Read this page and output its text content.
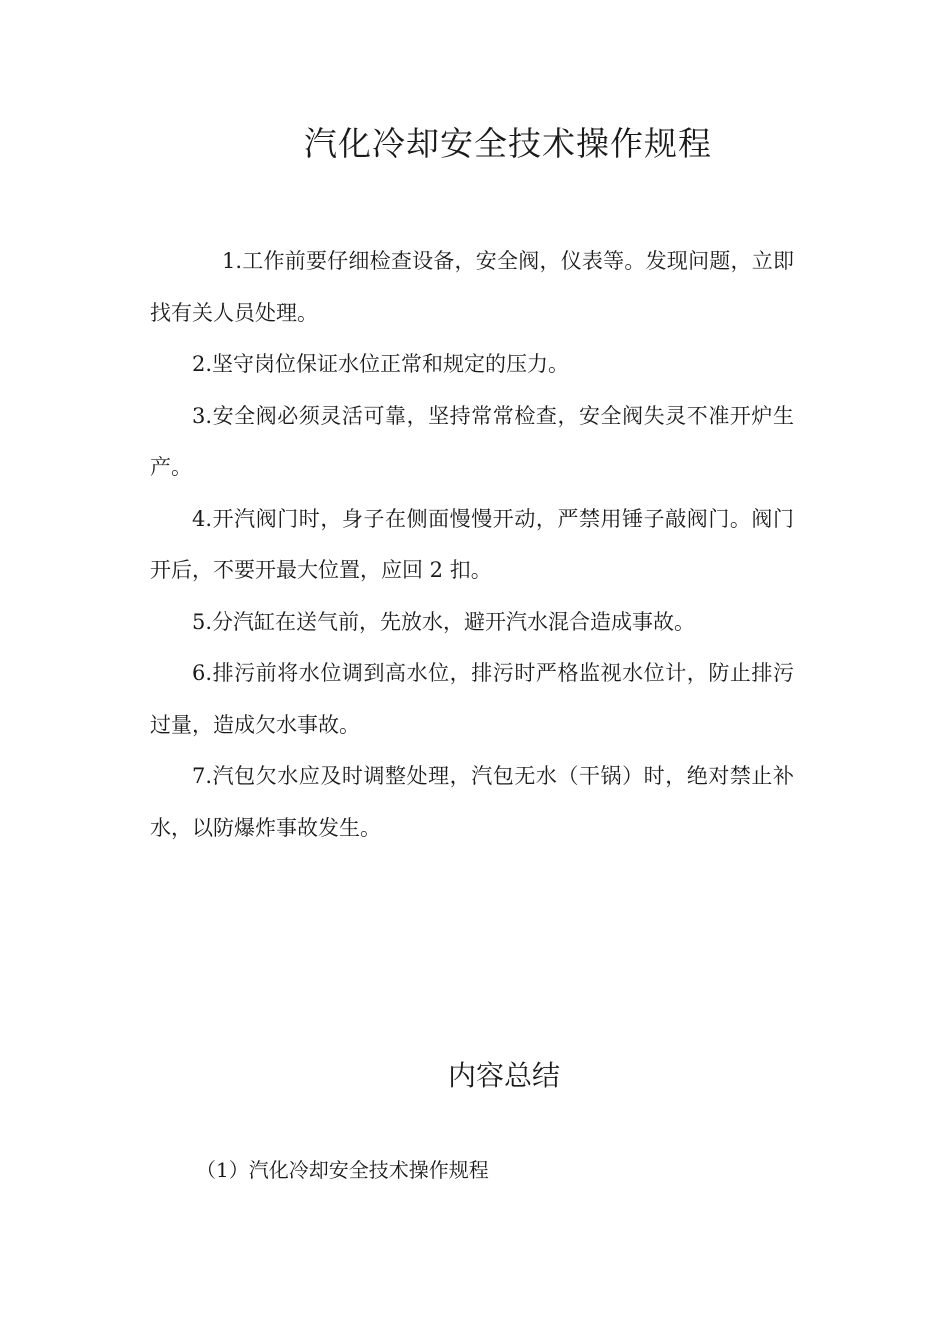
汽化冷却安全技术操作规程

1.工作前要仔细检查设备，安全阀，仪表等。发现问题，立即找有关人员处理。

2.坚守岗位保证水位正常和规定的压力。

3.安全阀必须灵活可靠，坚持常常检查，安全阀失灵不准开炉生产。

4.开汽阀门时，身子在侧面慢慢开动，严禁用锤子敲阀门。阀门开后，不要开最大位置，应回 2 扣。

5.分汽缸在送气前，先放水，避开汽水混合造成事故。

6.排污前将水位调到高水位，排污时严格监视水位计，防止排污过量，造成欠水事故。

7.汽包欠水应及时调整处理，汽包无水（干锅）时，绝对禁止补水，以防爆炸事故发生。

内容总结

（1）汽化冷却安全技术操作规程
